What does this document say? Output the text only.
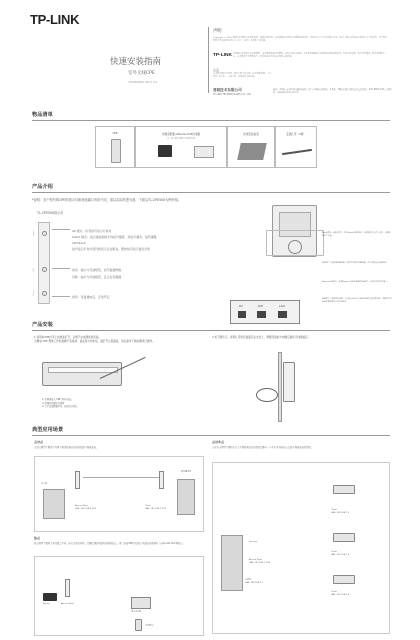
TP-LINK
快速安装指南
室外无线CPE
7103504801 REV1.0.0
声明
Copyright © 2016 普联技术有限公司 版权所有。保留所有权利。未经普联技术有限公司明确书面许可，任何单位或个人不得擅自仿制、复制、誊抄或转译本手册部分或全部内容，且不得以营利为目的进行任何方式（电子、影印、录制等）的传播。
TP-LINK 为普联技术有限公司注册商标。本手册提及的所有商标，由各自所有人拥有。本手册所提到的产品规格和资讯仅供参考，如有内容更新，恕不另行通知。除非有特殊约定，本手册仅作为使用指导，所作陈述均不构成任何形式的担保。
注意
本手册插图仅为示意，请以实际产品为准。如无特殊说明，文中所称“本产品”、“CPE”等，均指室外无线CPE。
普联技术有限公司
TP-LINK TECHNOLOGIES CO., LTD.
地址：深圳市南山区深南路科技园工业厂房24栋南段1层、3-5层、28栋北段1-4层 技术支持热线：400-8863-400 公司网址：www.tp-link.com.cn
物品清单
CPE	电源适配器+Passive PoE供电器
注：部分型号提供不同规格电源
快速安装指南	安装扎带（2根）
产品介绍
*说明：各个型号的CPE的指示灯和底座端口有所不同，请以实际机型为准，下面以TL-CPE500为例介绍。
TL-CPE500指示灯
Signal
LAN
Power
AP 模式：所有信号指示灯常亮
Client 模式：指示接收到的无线信号强度，亮的灯越多，信号越强
AP/Client：
信号指示灯和交替闪烁表示正在配对，整体快闪表示复位失败
常亮：端口与设备相连，但无数据传输
闪烁：端口与设备相连，且正在有数据
常亮：设备通电后，正常开启
DC	PoE	LAN
Reset按键：通电状态下，按住Reset按钮约5秒，系统指示灯全亮后松开，设备恢复出厂设置。
电源接口：连接电源适配器，请使用设备原装适配器，否则可能造成设备损坏。
Passive PoE接口：连接Passive PoE供电器的PoE接口，同时提供网络与电力。
LAN接口：连接网络设备，也可通过此端口对PoE供电的其他设备供电，请确保在非PoE设备的情况下使用此接口。
产品安装
1 使用本CPE自带上的滑盖打开，以便于完成网线的连接。
为增加 CPE 整体工作时准确不容易被，请妥善分布布线，面打开立院面板，同以参考下图步骤进行操作。
① 将网线接入 CPE 的对应接口
② 将网线沿槽出并锁紧
③ 合下底部面板打开，使用扎带固定
2 如下图所示，使用扎带将设备固定在支柱上，调整设备的方向确定最佳无线覆盖区。
典型应用场景
点对点
点对点模型主要用于为两个相邻距离的无线设备建立网络连接。
办公楼
Access Point
LAN: 192.168.1.254
Client
LAN: 192.168.1.253
网络摄像机
热点
热点模型主要用于无线覆盖不佳、而有需求的场所，需要快速的构建无线网络热点，用户连接CPE的无线信号连接无线网络（如Access Point模式）。
Router	Access Point
笔记本电脑
手机终端
点对多点
点对多点模型主要用在几个不同距离的无线设备需要与一个中心区域的接入点建立网络连接的情况。
Internet
Access Point
LAN: 192.168.1.254
交换机
LAN: 192.168.1.1
Client
LAN: 192.168.1.1
Client
LAN: 192.168.1.3
Client
LAN: 192.168.1.4
